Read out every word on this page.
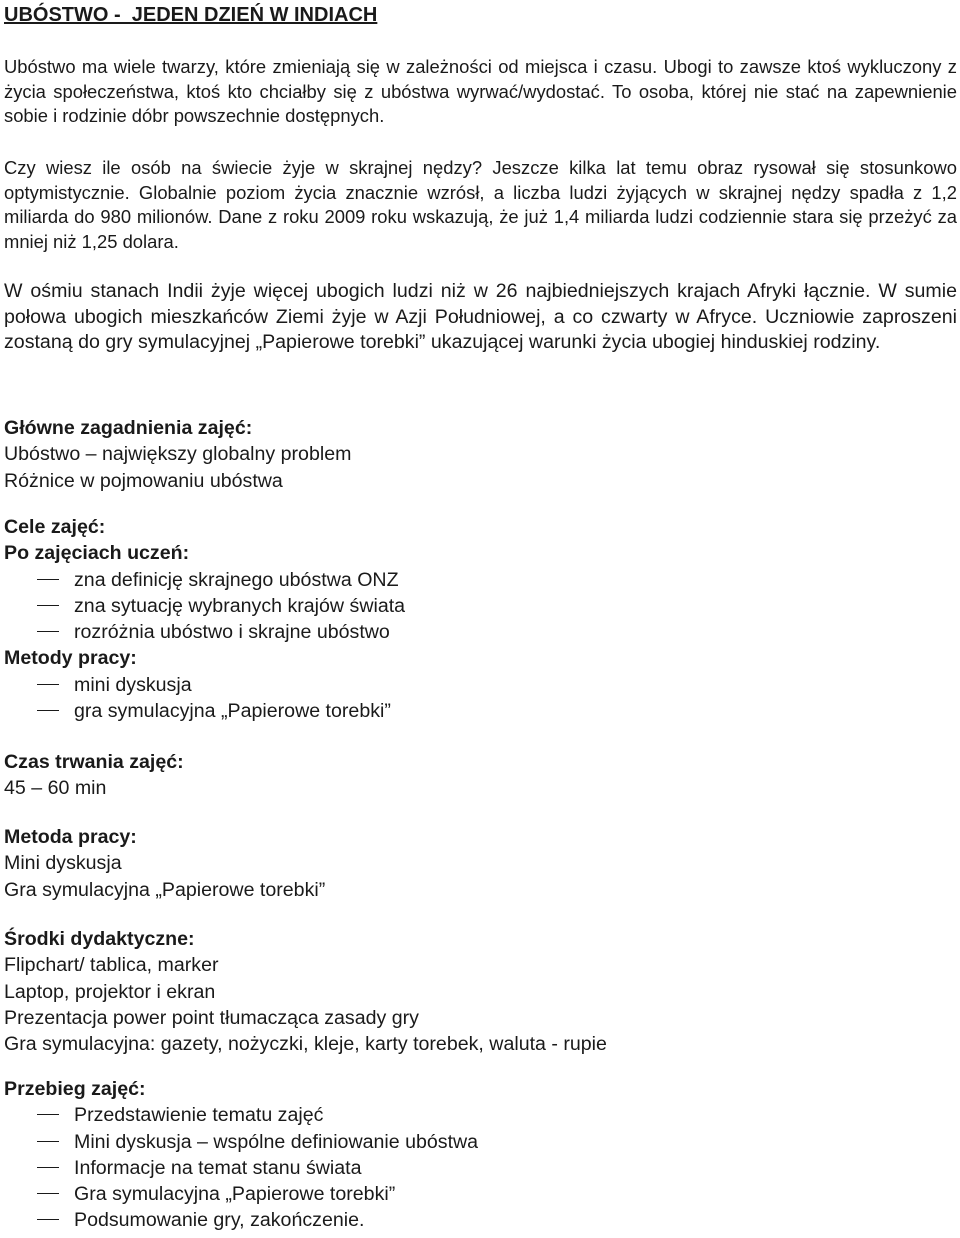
UBÓSTWO -  JEDEN DZIEŃ W INDIACH

Ubóstwo ma wiele twarzy, które zmieniają się w zależności od miejsca i czasu. Ubogi to zawsze ktoś wykluczony z życia społeczeństwa, ktoś kto chciałby się z ubóstwa wyrwać/wydostać. To osoba, której nie stać na zapewnienie sobie i rodzinie dóbr powszechnie dostępnych.

Czy wiesz ile osób na świecie żyje w skrajnej nędzy? Jeszcze kilka lat temu obraz rysował się stosunkowo optymistycznie. Globalnie poziom życia znacznie wzrósł, a liczba ludzi żyjących w skrajnej nędzy spadła z 1,2 miliarda do 980 milionów. Dane z roku 2009 roku wskazują, że już 1,4 miliarda ludzi codziennie stara się przeżyć za mniej niż 1,25 dolara.

W ośmiu stanach Indii żyje więcej ubogich ludzi niż w 26 najbiedniejszych krajach Afryki łącznie. W sumie połowa ubogich mieszkańców Ziemi żyje w Azji Południowej, a co czwarty w Afryce. Uczniowie zaproszeni zostaną do gry symulacyjnej „Papierowe torebki” ukazującej warunki życia ubogiej hinduskiej rodziny.

Główne zagadnienia zajęć:
Ubóstwo – największy globalny problem
Różnice w pojmowaniu ubóstwa
Cele zajęć:
Po zajęciach uczeń:
zna definicję skrajnego ubóstwa ONZ
zna sytuację wybranych krajów świata
rozróżnia ubóstwo i skrajne ubóstwo
Metody pracy:
mini dyskusja
gra symulacyjna „Papierowe torebki”
Czas trwania zajęć:
45 – 60 min
Metoda pracy:
Mini dyskusja
Gra symulacyjna „Papierowe torebki”
Środki dydaktyczne:
Flipchart/ tablica, marker
Laptop, projektor i ekran
Prezentacja power point tłumacząca zasady gry
Gra symulacyjna: gazety, nożyczki, kleje, karty torebek, waluta - rupie
Przebieg zajęć:
Przedstawienie tematu zajęć
Mini dyskusja – wspólne definiowanie ubóstwa
Informacje na temat stanu świata
Gra symulacyjna „Papierowe torebki”
Podsumowanie gry, zakończenie.
